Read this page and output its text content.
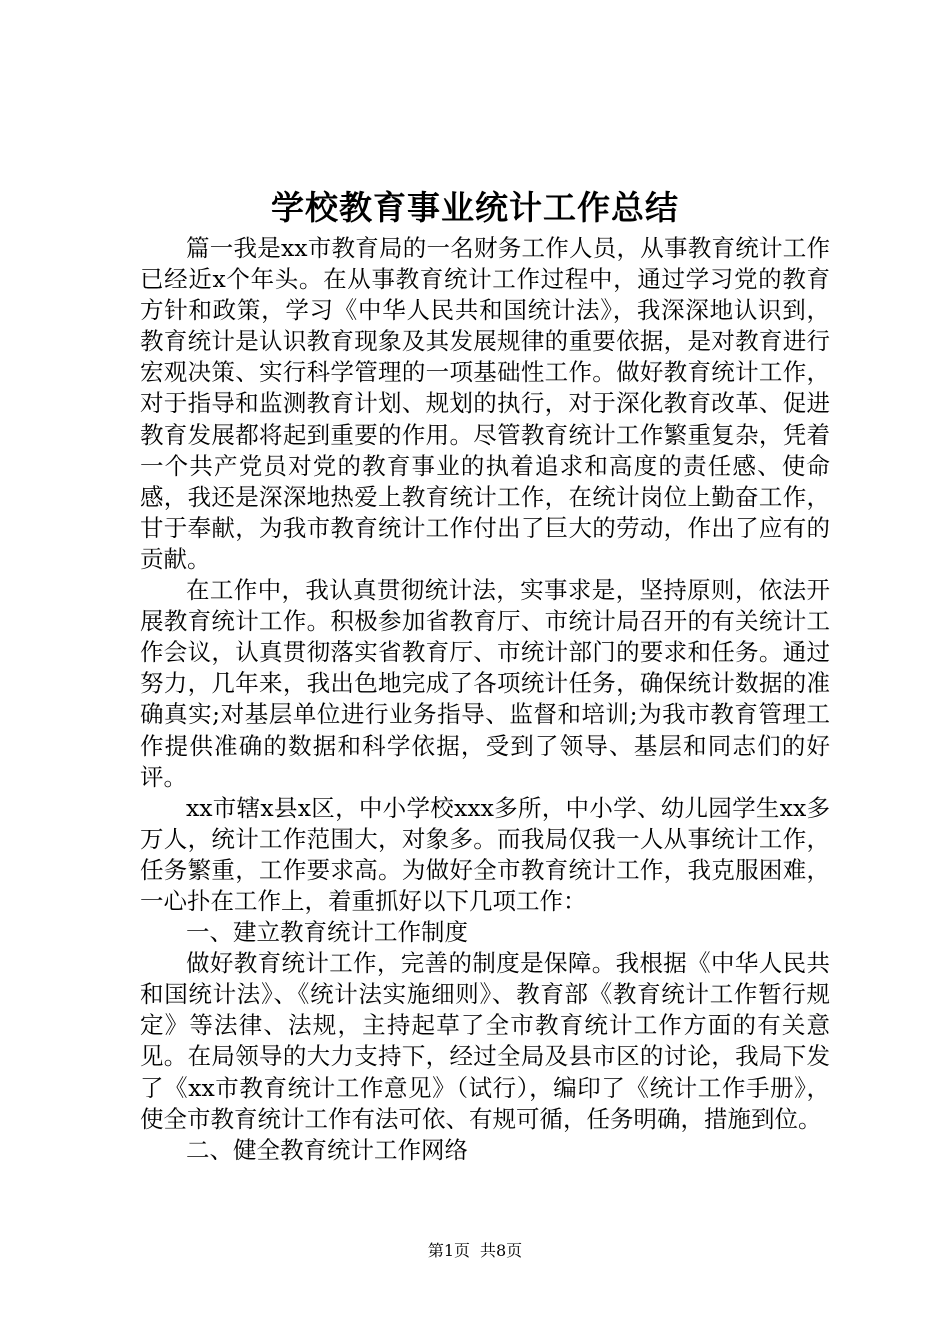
学校教育事业统计工作总结

篇一我是xx市教育局的一名财务工作人员，从事教育统计工作已经近x个年头。在从事教育统计工作过程中，通过学习党的教育方针和政策，学习《中华人民共和国统计法》，我深深地认识到，教育统计是认识教育现象及其发展规律的重要依据，是对教育进行宏观决策、实行科学管理的一项基础性工作。做好教育统计工作，对于指导和监测教育计划、规划的执行，对于深化教育改革、促进教育发展都将起到重要的作用。尽管教育统计工作繁重复杂，凭着一个共产党员对党的教育事业的执着追求和高度的责任感、使命感，我还是深深地热爱上教育统计工作，在统计岗位上勤奋工作，甘于奉献，为我市教育统计工作付出了巨大的劳动，作出了应有的贡献。

在工作中，我认真贯彻统计法，实事求是，坚持原则，依法开展教育统计工作。积极参加省教育厅、市统计局召开的有关统计工作会议，认真贯彻落实省教育厅、市统计部门的要求和任务。通过努力，几年来，我出色地完成了各项统计任务，确保统计数据的准确真实;对基层单位进行业务指导、监督和培训;为我市教育管理工作提供准确的数据和科学依据，受到了领导、基层和同志们的好评。

xx市辖x县x区，中小学校xxx多所，中小学、幼儿园学生xx多万人，统计工作范围大，对象多。而我局仅我一人从事统计工作，任务繁重，工作要求高。为做好全市教育统计工作，我克服困难，一心扑在工作上，着重抓好以下几项工作：

一、建立教育统计工作制度

做好教育统计工作，完善的制度是保障。我根据《中华人民共和国统计法》、《统计法实施细则》、教育部《教育统计工作暂行规定》等法律、法规，主持起草了全市教育统计工作方面的有关意见。在局领导的大力支持下，经过全局及县市区的讨论，我局下发了《xx市教育统计工作意见》（试行），编印了《统计工作手册》，使全市教育统计工作有法可依、有规可循，任务明确，措施到位。

二、健全教育统计工作网络

第1页 共8页
